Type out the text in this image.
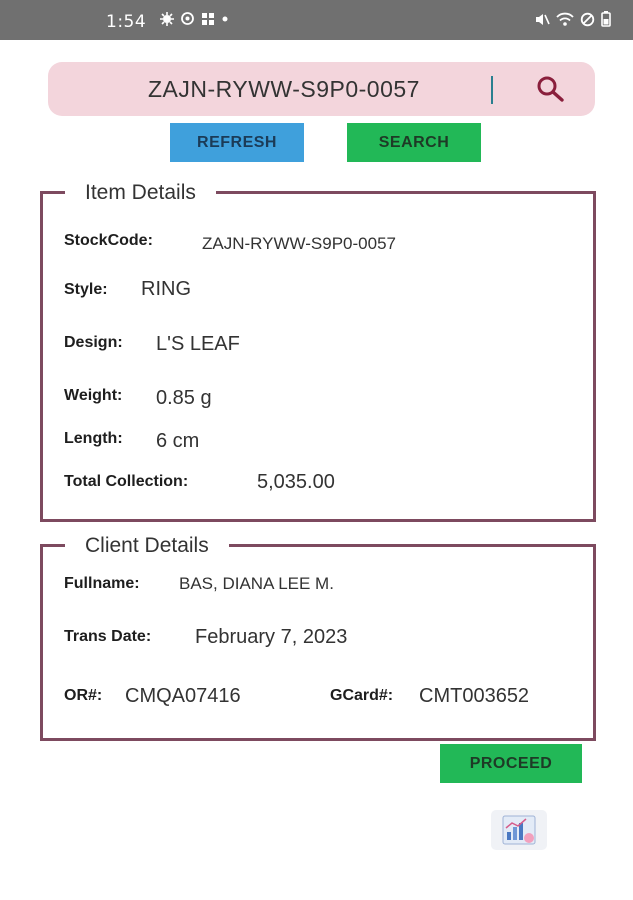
1:54
ZAJN-RYWW-S9P0-0057
REFRESH	SEARCH
Item Details
StockCode:	ZAJN-RYWW-S9P0-0057
Style: RING
Design: L'S LEAF
Weight: 0.85 g
Length: 6 cm
Total Collection:	5,035.00
Client Details
Fullname: BAS, DIANA LEE M.
Trans Date: February 7, 2023
OR#: CMQA07416	GCard#: CMT003652
PROCEED
